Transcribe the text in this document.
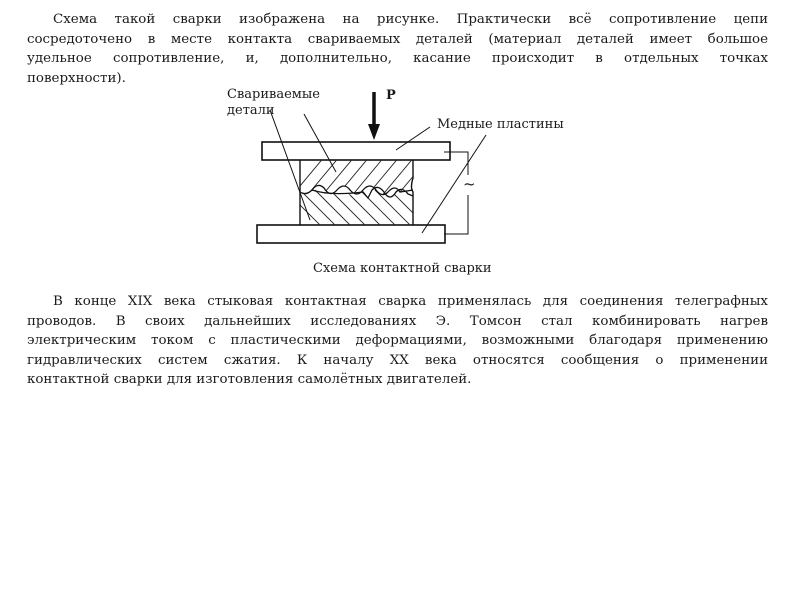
Схема такой сварки изображена на рисунке. Практически всё сопротивление цепи
сосредоточено в месте контакта свариваемых деталей (материал деталей имеет большое
удельное сопротивление, и, дополнительно, касание происходит в отдельных точках
поверхности).
Свариваемые
детали
P
Медные пластины
~
Схема контактной сварки
В конце XIX века стыковая контактная сварка применялась для соединения телеграфных
проводов. В своих дальнейших исследованиях Э. Томсон стал комбинировать нагрев
электрическим током с пластическими деформациями, возможными благодаря применению
гидравлических систем сжатия. К началу XX века относятся сообщения о применении
контактной сварки для изготовления самолётных двигателей.
